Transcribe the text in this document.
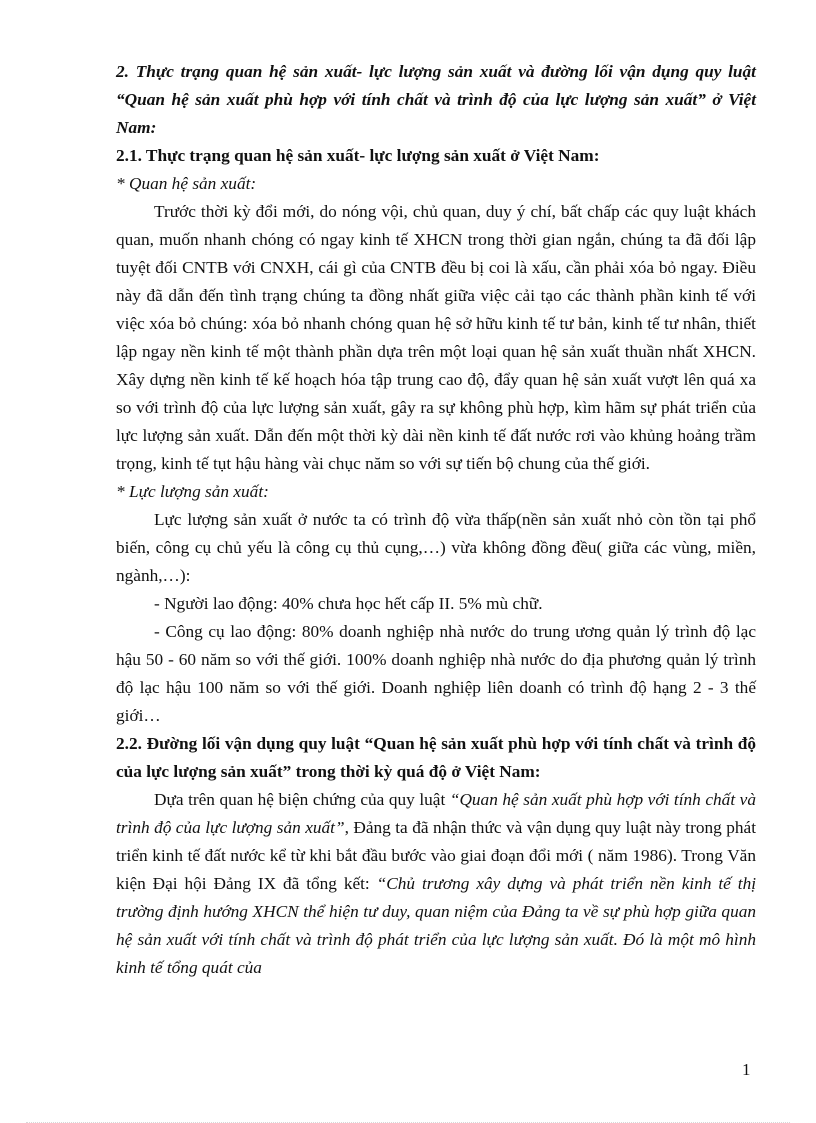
2. Thực trạng quan hệ sản xuất- lực lượng sản xuất và đường lối vận dụng quy luật “Quan hệ sản xuất phù hợp với tính chất và trình độ của lực lượng sản xuất” ở Việt Nam:

2.1. Thực trạng quan hệ sản xuất- lực lượng sản xuất ở Việt Nam:

* Quan hệ sản xuất:

Trước thời kỳ đổi mới, do nóng vội, chủ quan, duy ý chí, bất chấp các quy luật khách quan, muốn nhanh chóng có ngay kinh tế XHCN trong thời gian ngắn, chúng ta đã đối lập tuyệt đối CNTB với CNXH, cái gì của CNTB đều bị coi là xấu, cần phải xóa bỏ ngay. Điều này đã dẫn đến tình trạng chúng ta đồng nhất giữa việc cải tạo các thành phần kinh tế với việc xóa bỏ chúng: xóa bỏ nhanh chóng quan hệ sở hữu kinh tế tư bản, kinh tế tư nhân, thiết lập ngay nền kinh tế một thành phần dựa trên một loại quan hệ sản xuất thuần nhất XHCN. Xây dựng nền kinh tế kế hoạch hóa tập trung cao độ, đẩy quan hệ sản xuất vượt lên quá xa so với trình độ của lực lượng sản xuất, gây ra sự không phù hợp, kìm hãm sự phát triển của lực lượng sản xuất. Dẫn đến một thời kỳ dài nền kinh tế đất nước rơi vào khủng hoảng trầm trọng, kinh tế tụt hậu hàng vài chục năm so với sự tiến bộ chung của thế giới.

* Lực lượng sản xuất:

Lực lượng sản xuất ở nước ta có trình độ vừa thấp(nền sản xuất nhỏ còn tồn tại phổ biến, công cụ chủ yếu là công cụ thủ cụng,…) vừa không đồng đều( giữa các vùng, miền, ngành,…):

- Người lao động: 40% chưa học hết cấp II. 5% mù chữ.

- Công cụ lao động: 80% doanh nghiệp nhà nước do trung ương quản lý trình độ lạc hậu 50 - 60 năm so với thế giới. 100% doanh nghiệp nhà nước do địa phương quản lý trình độ lạc hậu 100 năm so với thế giới. Doanh nghiệp liên doanh có trình độ hạng 2 - 3 thế giới…

2.2. Đường lối vận dụng quy luật “Quan hệ sản xuất phù hợp với tính chất và trình độ của lực lượng sản xuất” trong thời kỳ quá độ ở Việt Nam:

Dựa trên quan hệ biện chứng của quy luật “Quan hệ sản xuất phù hợp với tính chất và trình độ của lực lượng sản xuất”, Đảng ta đã nhận thức và vận dụng quy luật này trong phát triển kinh tế đất nước kể từ khi bắt đầu bước vào giai đoạn đổi mới ( năm 1986). Trong Văn kiện Đại hội Đảng IX đã tổng kết: “Chủ trương xây dựng và phát triển nền kinh tế thị trường định hướng XHCN thể hiện tư duy, quan niệm của Đảng ta về sự phù hợp giữa quan hệ sản xuất với tính chất và trình độ phát triển của lực lượng sản xuất. Đó là một mô hình kinh tế tổng quát của

1
